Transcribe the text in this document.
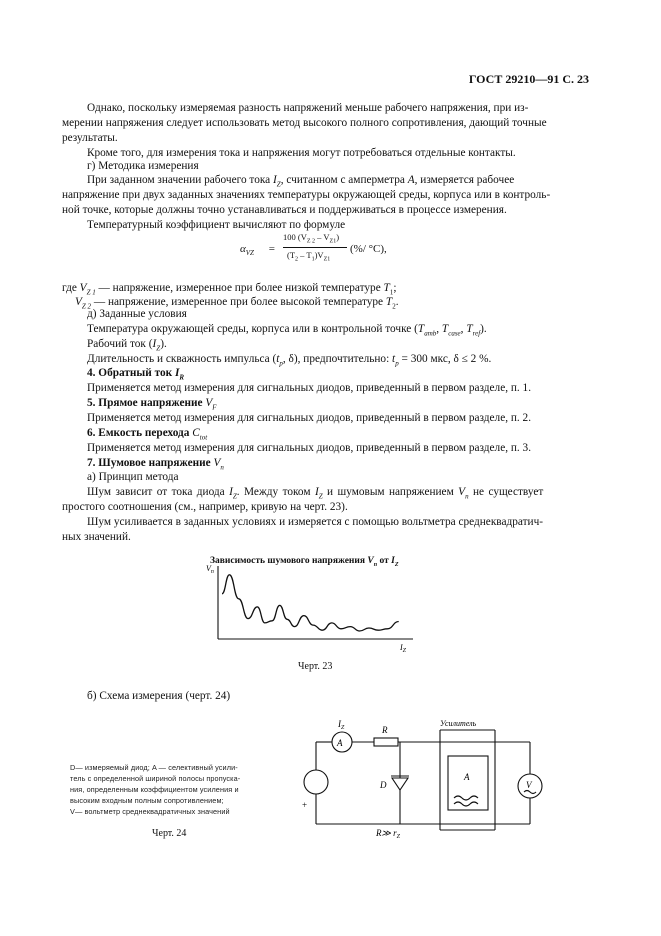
ГОСТ 29210—91 С. 23
Однако, поскольку измеряемая разность напряжений меньше рабочего напряжения, при из-
мерении напряжения следует использовать метод высокого полного сопротивления, дающий точные
результаты.
Кроме того, для измерения тока и напряжения могут потребоваться отдельные контакты.
г) Методика измерения
При заданном значении рабочего тока $I_Z$, считанном с амперметра A, измеряется рабочее
напряжение при двух заданных значениях температуры окружающей среды, корпуса или в контроль-
ной точке, которые должны точно устанавливаться и поддерживаться в процессе измерения.
Температурный коэффициент вычисляют по формуле
$\alpha_{VZ}$ =
100 $(V_{Z 2} - V_{Z1})$
$(T_2 - T_1)V_{Z1}$
(%/ °С),
где $V_{Z 1}$ — напряжение, измеренное при более низкой температуре $T_1$;
$V_{Z 2}$ — напряжение, измеренное при более высокой температуре $T_2$.
д) Заданные условия
Температура окружающей среды, корпуса или в контрольной точке ($T_{amb}$, $T_{case}$, $T_{ref}$).
Рабочий ток $(I_Z)$.
Длительность и скважность импульса ($t_p$, δ), предпочтительно: $t_p = 300$ мкс, δ ≤ 2 %.
4. Обратный ток $I_R$
Применяется метод измерения для сигнальных диодов, приведенный в первом разделе, п. 1.
5. Прямое напряжение $V_F$
Применяется метод измерения для сигнальных диодов, приведенный в первом разделе, п. 2.
6. Емкость перехода $C_{tot}$
Применяется метод измерения для сигнальных диодов, приведенный в первом разделе, п. 3.
7. Шумовое напряжение $V_n$
а) Принцип метода
Шум зависит от тока диода $I_Z$. Между током $I_Z$ и шумовым напряжением $V_n$ не существует
простого соотношения (см., например, кривую на черт. 23).
Шум усиливается в заданных условиях и измеряется с помощью вольтметра среднеквадратич-
ных значений.
Зависимость шумового напряжения $V_n$ от $I_Z$
$V_n$
$I_Z$
Черт. 23
б) Схема измерения (черт. 24)
D— измеряемый диод; A — селективный усили-
тель с определенной шириной полосы пропуска-
ния, определенным коэффициентом усиления и
высоким входным полным сопротивлением;
V— вольтметр среднеквадратичных значений
Черт. 24
A
$I_Z$	R
D
Усилитель
A
V
+
R≫ $r_Z$
